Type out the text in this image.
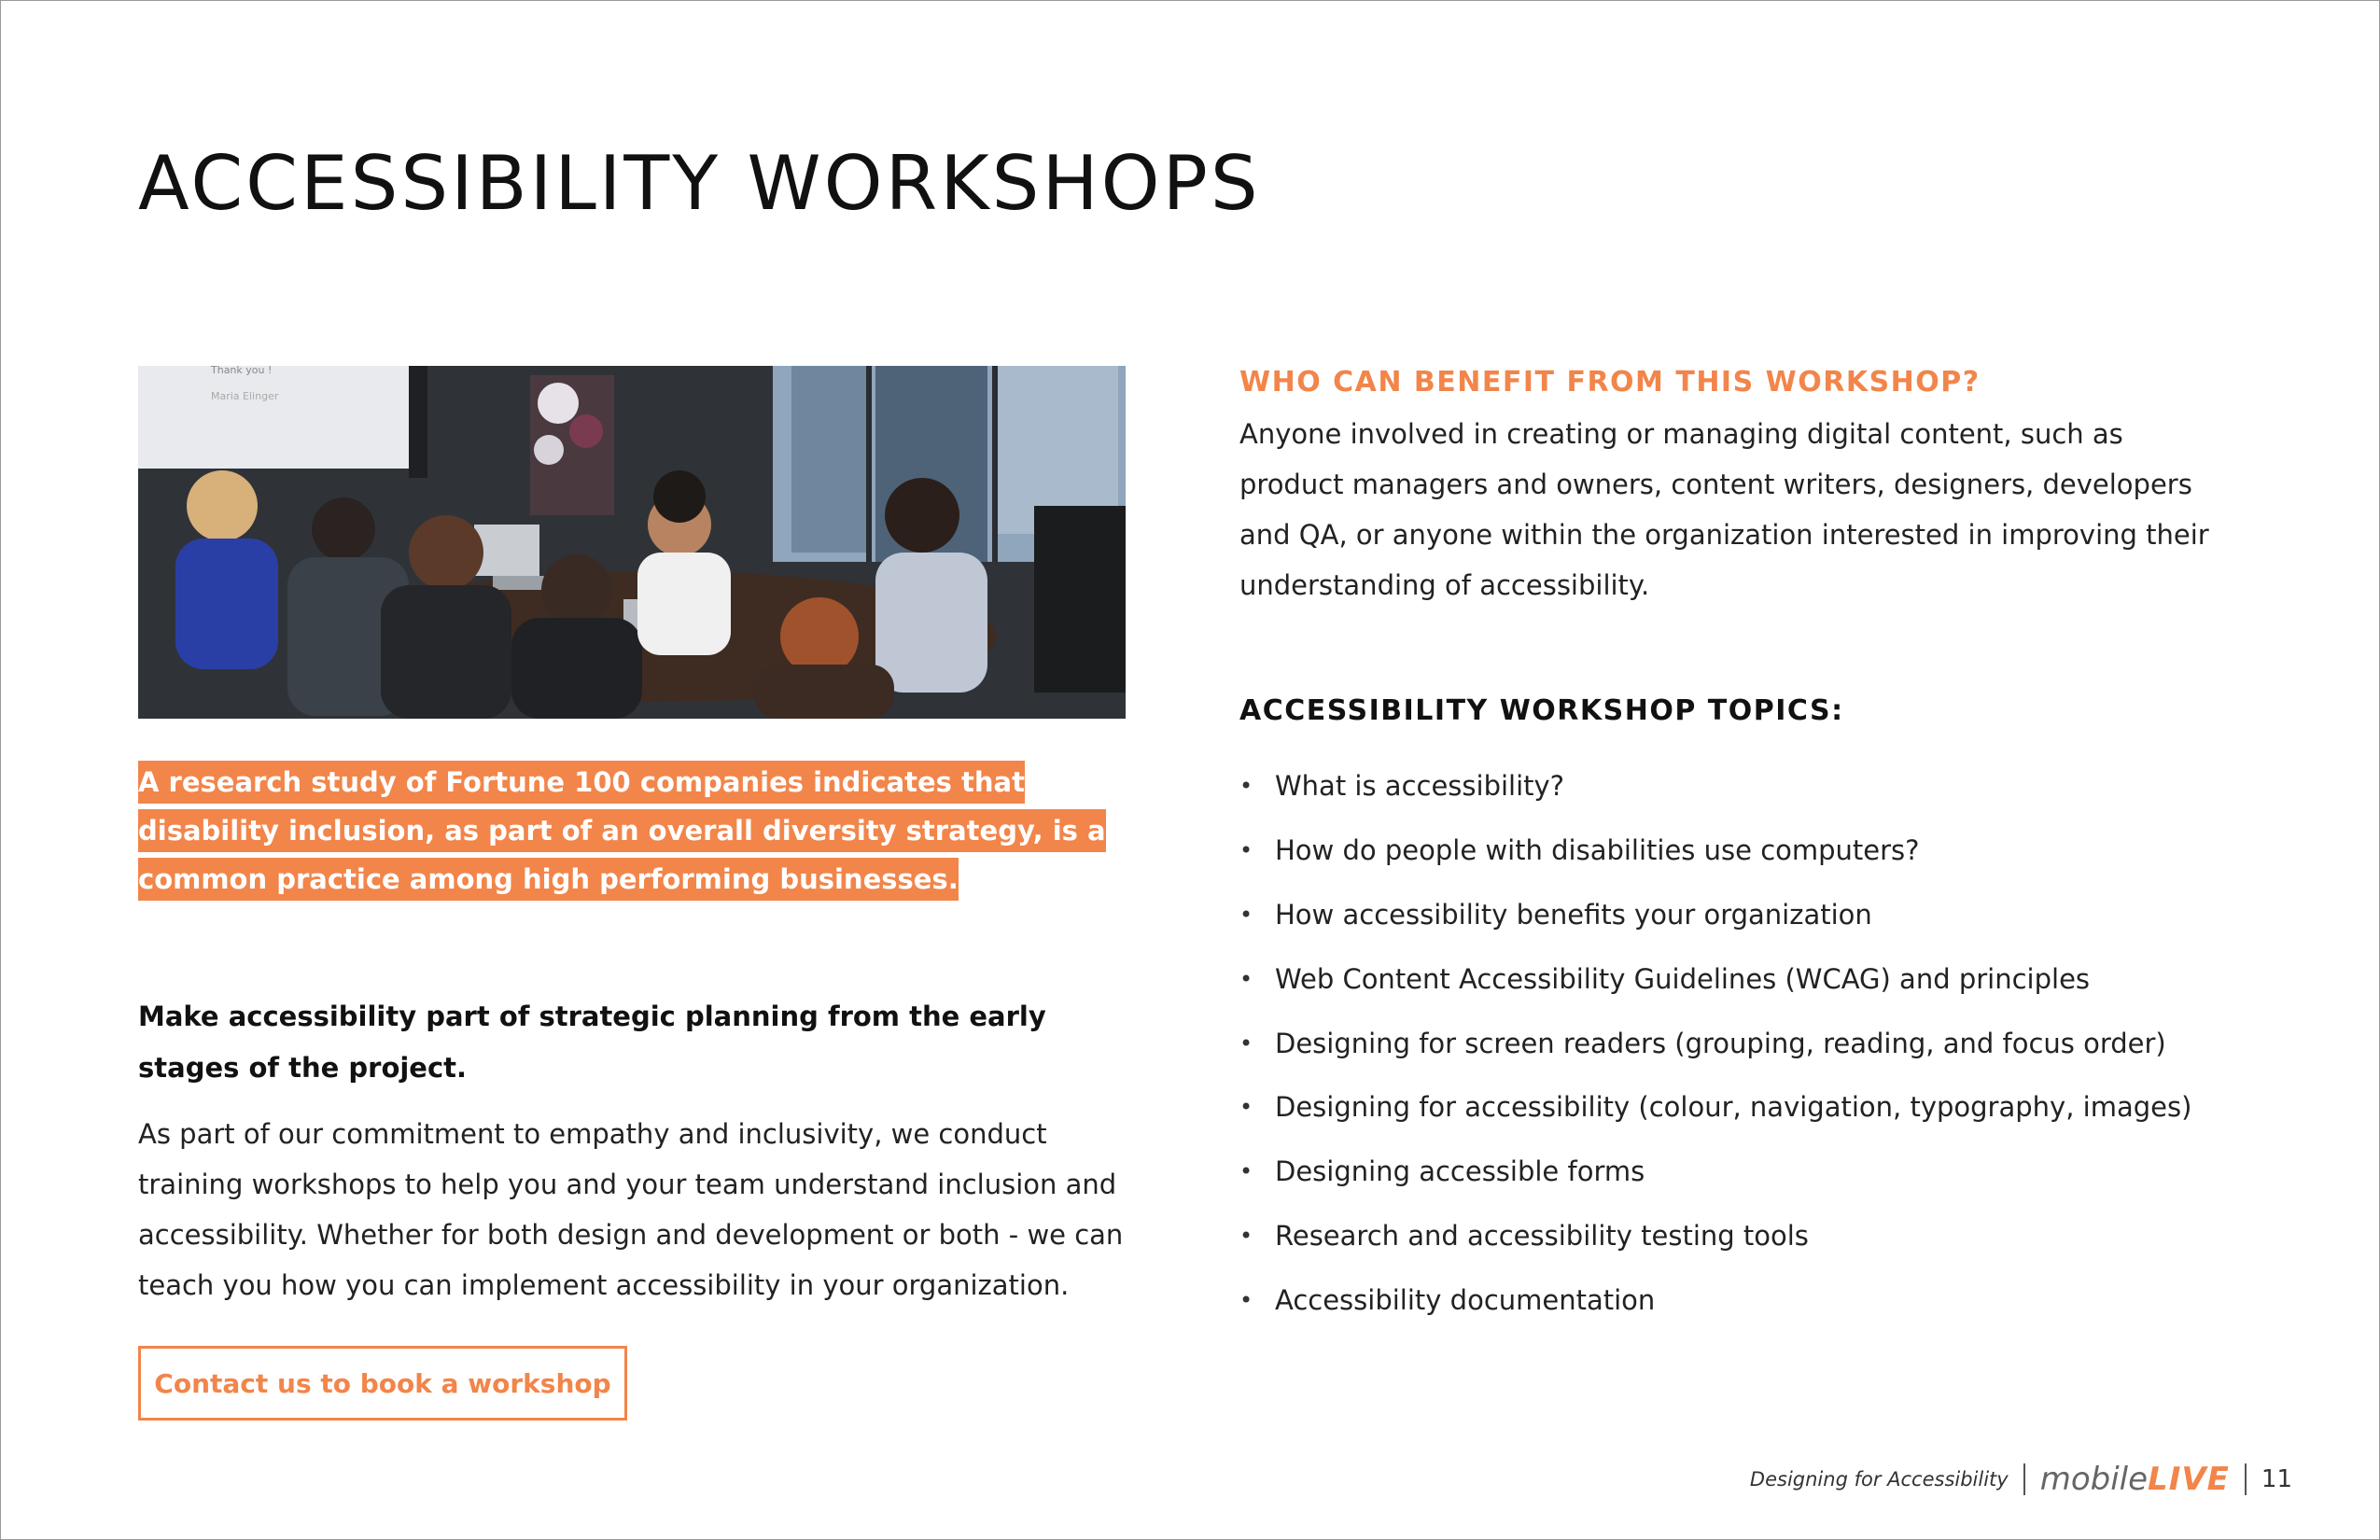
ACCESSIBILITY WORKSHOPS
Thank you !
Maria Elinger
A research study of Fortune 100 companies indicates that disability inclusion, as part of an overall diversity strategy, is a common practice among high performing businesses.

Make accessibility part of strategic planning from the early stages of the project.

As part of our commitment to empathy and inclusivity, we conduct training workshops to help you and your team understand inclusion and accessibility. Whether for both design and development or both - we can teach you how you can implement accessibility in your organization.

Contact us to book a workshop
WHO CAN BENEFIT FROM THIS WORKSHOP?

Anyone involved in creating or managing digital content, such as product managers and owners, content writers, designers, developers and QA, or anyone within the organization interested in improving their understanding of accessibility.

ACCESSIBILITY WORKSHOP TOPICS:
• What is accessibility?
• How do people with disabilities use computers?
• How accessibility benefits your organization
• Web Content Accessibility Guidelines (WCAG) and principles
• Designing for screen readers (grouping, reading, and focus order)
• Designing for accessibility (colour, navigation, typography, images)
• Designing accessible forms
• Research and accessibility testing tools
• Accessibility documentation
Designing for Accessibility mobile LIVE 11
